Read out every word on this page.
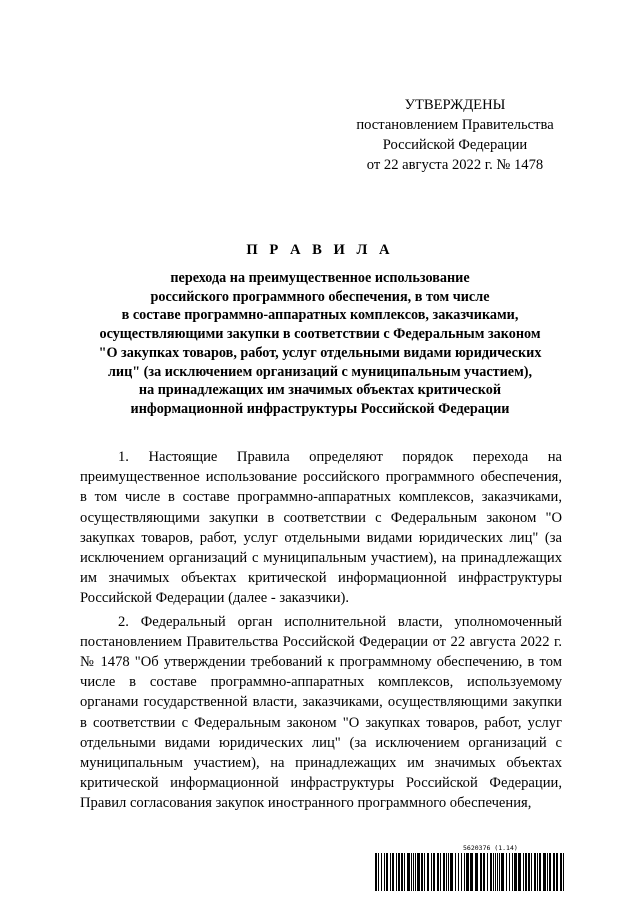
УТВЕРЖДЕНЫ
постановлением Правительства
Российской Федерации
от 22 августа 2022 г. № 1478
П Р А В И Л А
перехода на преимущественное использование
российского программного обеспечения, в том числе
в составе программно-аппаратных комплексов, заказчиками,
осуществляющими закупки в соответствии с Федеральным законом
"О закупках товаров, работ, услуг отдельными видами юридических
лиц" (за исключением организаций с муниципальным участием),
на принадлежащих им значимых объектах критической
информационной инфраструктуры Российской Федерации

1. Настоящие Правила определяют порядок перехода на преимущественное использование российского программного обеспечения, в том числе в составе программно-аппаратных комплексов, заказчиками, осуществляющими закупки в соответствии с Федеральным законом "О закупках товаров, работ, услуг отдельными видами юридических лиц" (за исключением организаций с муниципальным участием), на принадлежащих им значимых объектах критической информационной инфраструктуры Российской Федерации (далее - заказчики).

2. Федеральный орган исполнительной власти, уполномоченный постановлением Правительства Российской Федерации от 22 августа 2022 г. № 1478 "Об утверждении требований к программному обеспечению, в том числе в составе программно-аппаратных комплексов, используемому органами государственной власти, заказчиками, осуществляющими закупки в соответствии с Федеральным законом "О закупках товаров, работ, услуг отдельными видами юридических лиц" (за исключением организаций с муниципальным участием), на принадлежащих им значимых объектах критической информационной инфраструктуры Российской Федерации, Правил согласования закупок иностранного программного обеспечения,

5620376 (1.14)
